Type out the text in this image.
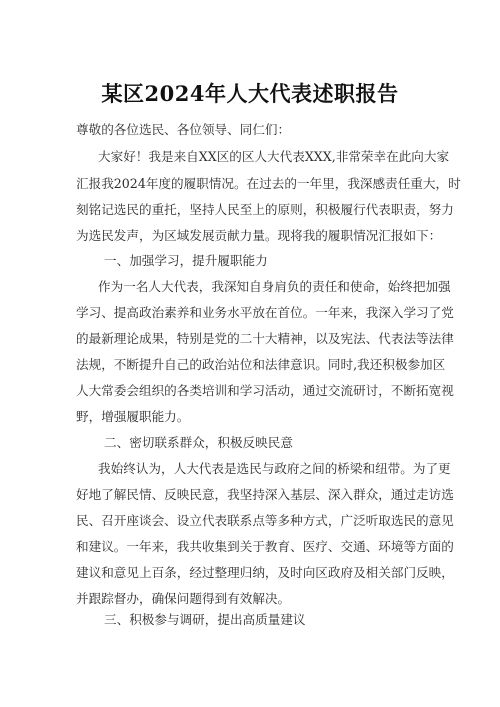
某区2024年人大代表述职报告
尊敬的各位选民、各位领导、同仁们：
大家好！我是来自XX区的区人大代表XXX,非常荣幸在此向大家
汇报我2024年度的履职情况。在过去的一年里，我深感责任重大，时
刻铭记选民的重托，坚持人民至上的原则，积极履行代表职责，努力
为选民发声，为区域发展贡献力量。现将我的履职情况汇报如下：
一、加强学习，提升履职能力
作为一名人大代表，我深知自身肩负的责任和使命，始终把加强
学习、提高政治素养和业务水平放在首位。一年来，我深入学习了党
的最新理论成果，特别是党的二十大精神，以及宪法、代表法等法律
法规，不断提升自己的政治站位和法律意识。同时,我还积极参加区
人大常委会组织的各类培训和学习活动，通过交流研讨，不断拓宽视
野，增强履职能力。
二、密切联系群众，积极反映民意
我始终认为，人大代表是选民与政府之间的桥梁和纽带。为了更
好地了解民情、反映民意，我坚持深入基层、深入群众，通过走访选
民、召开座谈会、设立代表联系点等多种方式，广泛听取选民的意见
和建议。一年来，我共收集到关于教育、医疗、交通、环境等方面的
建议和意见上百条，经过整理归纳，及时向区政府及相关部门反映，
并跟踪督办，确保问题得到有效解决。
三、积极参与调研，提出高质量建议
